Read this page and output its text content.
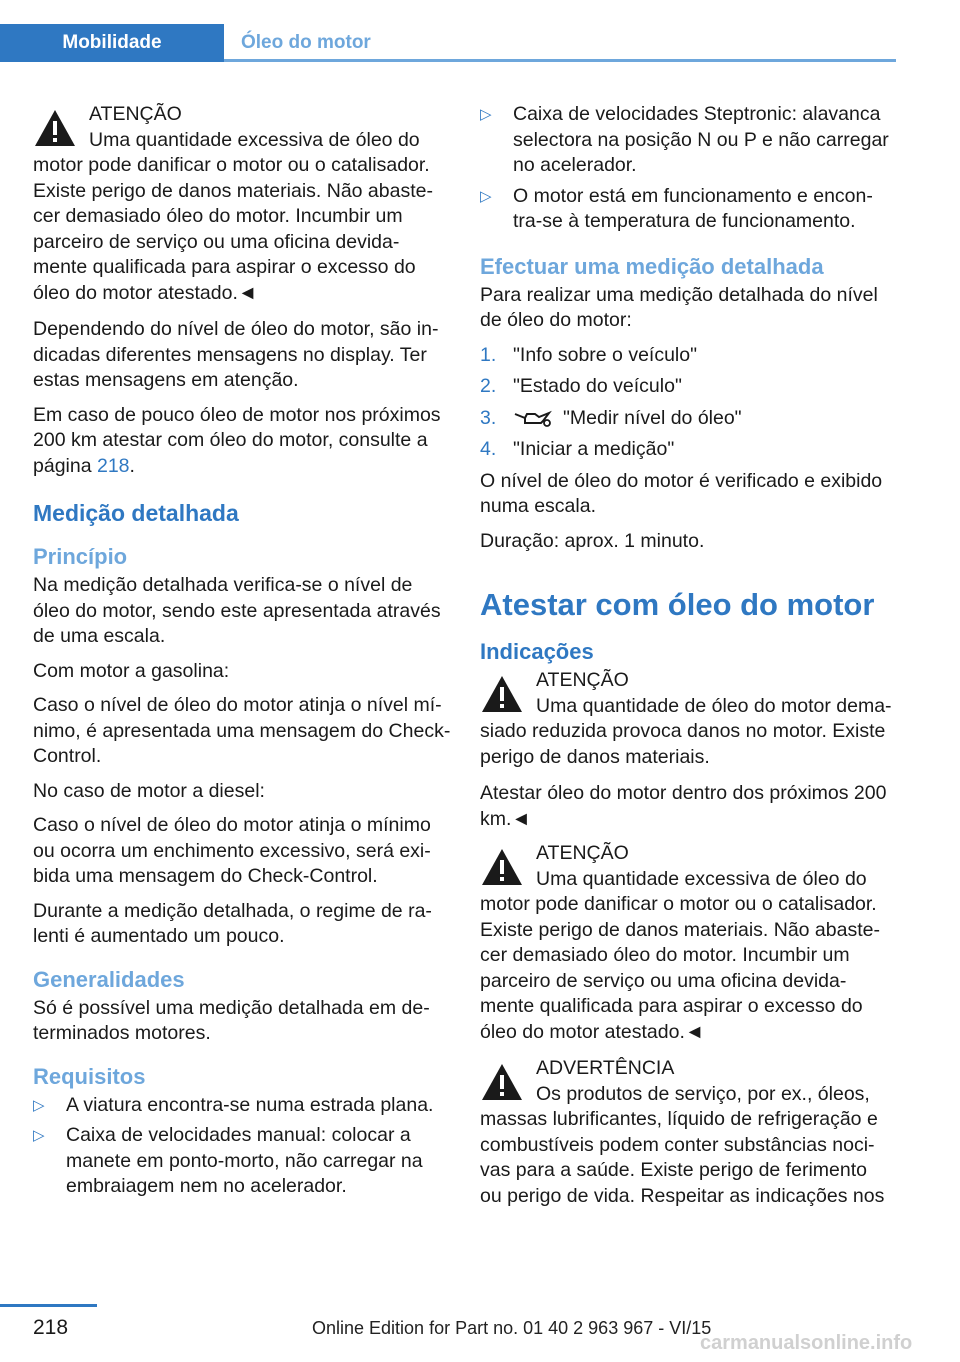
Mobilidade	Óleo do motor
ATENÇÃO
Uma quantidade excessiva de óleo do motor pode danificar o motor ou o catalisador. Existe perigo de danos materiais. Não abaste-cer demasiado óleo do motor. Incumbir um parceiro de serviço ou uma oficina devida-mente qualificada para aspirar o excesso do óleo do motor atestado.◄

Dependendo do nível de óleo do motor, são in-dicadas diferentes mensagens no display. Ter estas mensagens em atenção.

Em caso de pouco óleo de motor nos próximos 200 km atestar com óleo do motor, consulte a página 218.

Medição detalhada
Princípio

Na medição detalhada verifica-se o nível de óleo do motor, sendo este apresentada através de uma escala.

Com motor a gasolina:

Caso o nível de óleo do motor atinja o nível mí-nimo, é apresentada uma mensagem do Check-Control.

No caso de motor a diesel:

Caso o nível de óleo do motor atinja o mínimo ou ocorra um enchimento excessivo, será exi-bida uma mensagem do Check-Control.

Durante a medição detalhada, o regime de ra-lenti é aumentado um pouco.

Generalidades

Só é possível uma medição detalhada em de-terminados motores.

Requisitos
▷ A viatura encontra-se numa estrada plana.
▷ Caixa de velocidades manual: colocar a manete em ponto-morto, não carregar na embraiagem nem no acelerador.
▷ Caixa de velocidades Steptronic: alavanca selectora na posição N ou P e não carregar no acelerador.
▷ O motor está em funcionamento e encon-tra-se à temperatura de funcionamento.
Efectuar uma medição detalhada

Para realizar uma medição detalhada do nível de óleo do motor:

1. "Info sobre o veículo"
2. "Estado do veículo"
3.	"Medir nível do óleo"
4. "Iniciar a medição"

O nível de óleo do motor é verificado e exibido numa escala.

Duração: aprox. 1 minuto.

Atestar com óleo do motor
Indicações
ATENÇÃO
Uma quantidade de óleo do motor dema-siado reduzida provoca danos no motor. Existe perigo de danos materiais.

Atestar óleo do motor dentro dos próximos 200 km.◄

ATENÇÃO
Uma quantidade excessiva de óleo do motor pode danificar o motor ou o catalisador. Existe perigo de danos materiais. Não abaste-cer demasiado óleo do motor. Incumbir um parceiro de serviço ou uma oficina devida-mente qualificada para aspirar o excesso do óleo do motor atestado.◄
ADVERTÊNCIA
Os produtos de serviço, por ex., óleos, massas lubrificantes, líquido de refrigeração e combustíveis podem conter substâncias noci-vas para a saúde. Existe perigo de ferimento ou perigo de vida. Respeitar as indicações nos
218	Online Edition for Part no. 01 40 2 963 967 - VI/15
carmanualsonline.info
